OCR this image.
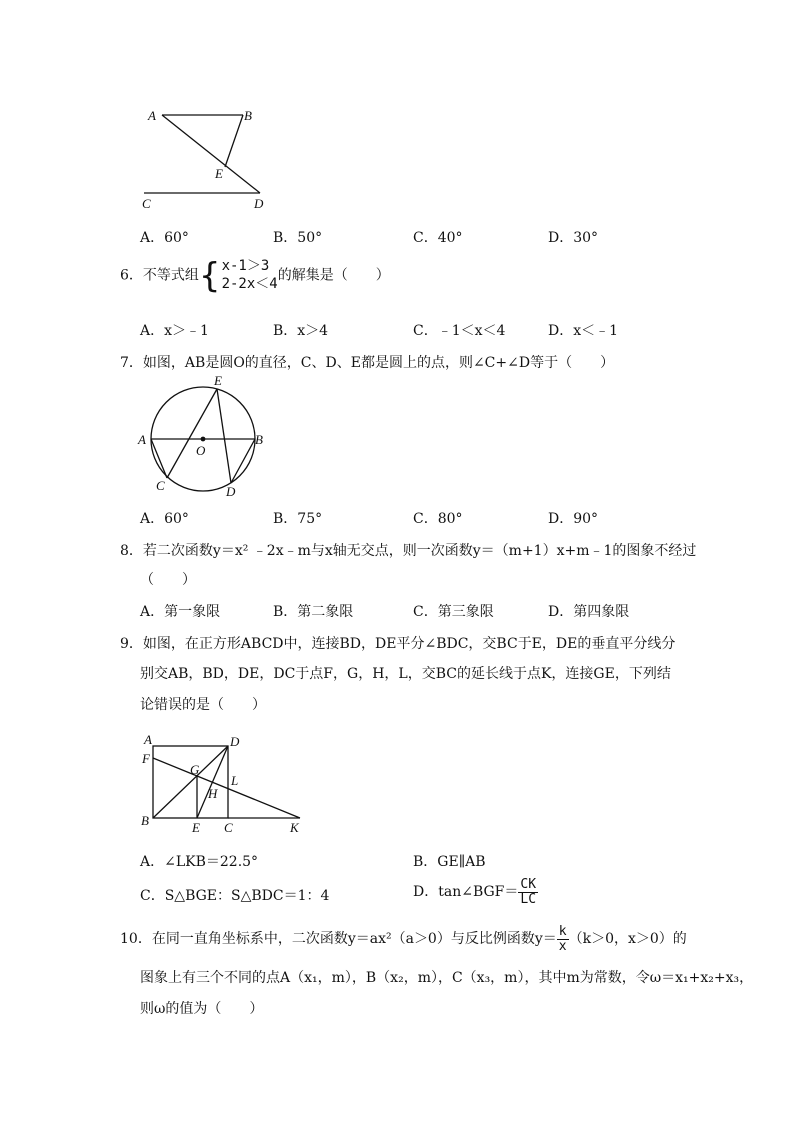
A	B
E
C	D
A．60°	B．50°	C．40°	D．30°
6．不等式组{ x-1＞3
2-2x＜4 的解集是（　　）
A．x＞﹣1	B．x＞4	C．﹣1＜x＜4	D．x＜﹣1
7．如图，AB是圆O的直径，C、D、E都是圆上的点，则∠C+∠D等于（　　）
E
A	B
O
C	D
A．60°	B．75°	C．80°	D．90°
8．若二次函数y＝x² ﹣2x﹣m与x轴无交点，则一次函数y＝（m+1）x+m﹣1的图象不经过
（　　）
A．第一象限	B．第二象限	C．第三象限	D．第四象限
9．如图，在正方形ABCD中，连接BD，DE平分∠BDC，交BC于E，DE的垂直平分线分
别交AB，BD，DE，DC于点F，G，H，L，交BC的延长线于点K，连接GE，下列结
论错误的是（　　）
A	D
F
G
L
H
B	E C	K
A．∠LKB＝22.5°	B．GE∥AB
C．S△BGE：S△BDC＝1：4	D．tan∠BGF＝ $\frac{CK}{LC}$
10．在同一直角坐标系中，二次函数y＝ax²（a＞0）与反比例函数$y= \frac{k}{x} (k>0$，x＞0）的
图象上有三个不同的点A（x₁，m），B（x₂，m），C（x₃，m），其中m为常数，令ω＝x₁+x₂+x₃，
则ω的值为（　　）
